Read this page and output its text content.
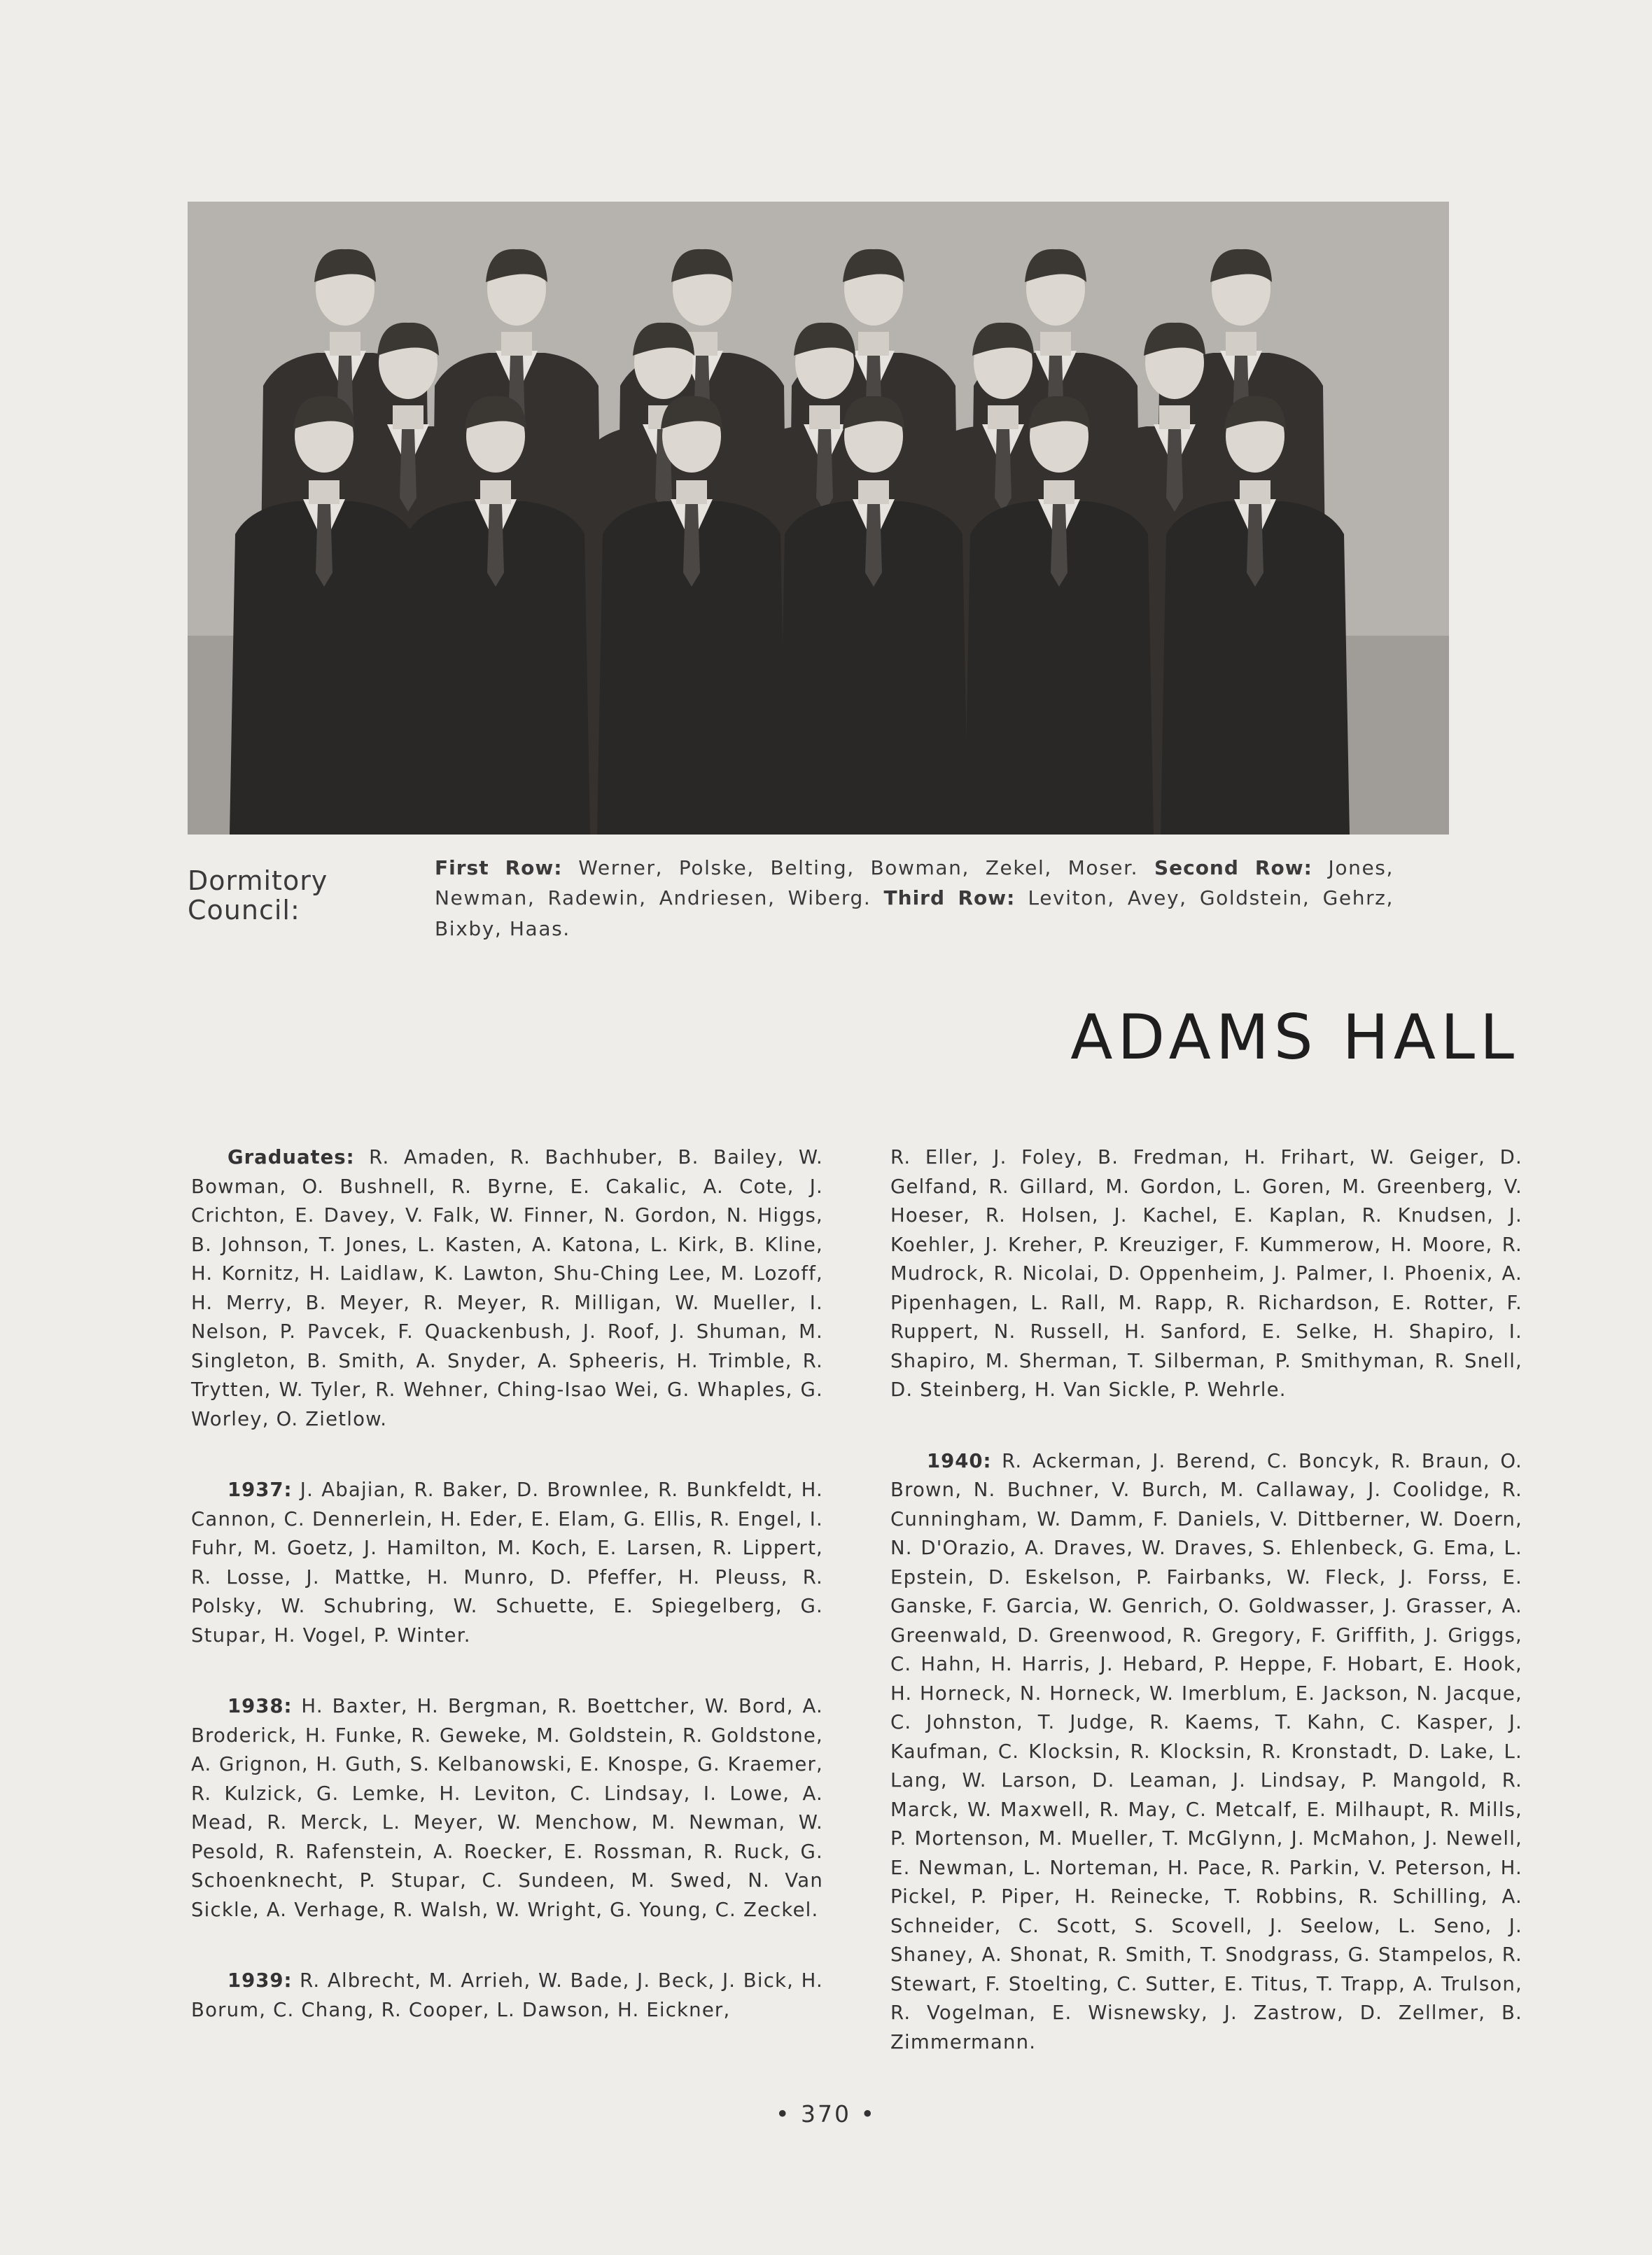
Dormitory Council:
First Row: Werner, Polske, Belting, Bowman, Zekel, Moser. Second Row: Jones, Newman, Radewin, Andriesen, Wiberg. Third Row: Leviton, Avey, Goldstein, Gehrz, Bixby, Haas.
ADAMS HALL

Graduates: R. Amaden, R. Bachhuber, B. Bailey, W. Bowman, O. Bushnell, R. Byrne, E. Cakalic, A. Cote, J. Crichton, E. Davey, V. Falk, W. Finner, N. Gordon, N. Higgs, B. Johnson, T. Jones, L. Kasten, A. Katona, L. Kirk, B. Kline, H. Kornitz, H. Laidlaw, K. Lawton, Shu-Ching Lee, M. Lozoff, H. Merry, B. Meyer, R. Meyer, R. Milligan, W. Mueller, I. Nelson, P. Pavcek, F. Quackenbush, J. Roof, J. Shuman, M. Singleton, B. Smith, A. Snyder, A. Spheeris, H. Trimble, R. Trytten, W. Tyler, R. Wehner, Ching-Isao Wei, G. Whaples, G. Worley, O. Zietlow.

1937: J. Abajian, R. Baker, D. Brownlee, R. Bunkfeldt, H. Cannon, C. Dennerlein, H. Eder, E. Elam, G. Ellis, R. Engel, I. Fuhr, M. Goetz, J. Hamilton, M. Koch, E. Larsen, R. Lippert, R. Losse, J. Mattke, H. Munro, D. Pfeffer, H. Pleuss, R. Polsky, W. Schubring, W. Schuette, E. Spiegelberg, G. Stupar, H. Vogel, P. Winter.

1938: H. Baxter, H. Bergman, R. Boettcher, W. Bord, A. Broderick, H. Funke, R. Geweke, M. Goldstein, R. Goldstone, A. Grignon, H. Guth, S. Kelbanowski, E. Knospe, G. Kraemer, R. Kulzick, G. Lemke, H. Leviton, C. Lindsay, I. Lowe, A. Mead, R. Merck, L. Meyer, W. Menchow, M. Newman, W. Pesold, R. Rafenstein, A. Roecker, E. Rossman, R. Ruck, G. Schoenknecht, P. Stupar, C. Sundeen, M. Swed, N. Van Sickle, A. Verhage, R. Walsh, W. Wright, G. Young, C. Zeckel.

1939: R. Albrecht, M. Arrieh, W. Bade, J. Beck, J. Bick, H. Borum, C. Chang, R. Cooper, L. Dawson, H. Eickner,

R. Eller, J. Foley, B. Fredman, H. Frihart, W. Geiger, D. Gelfand, R. Gillard, M. Gordon, L. Goren, M. Greenberg, V. Hoeser, R. Holsen, J. Kachel, E. Kaplan, R. Knudsen, J. Koehler, J. Kreher, P. Kreuziger, F. Kummerow, H. Moore, R. Mudrock, R. Nicolai, D. Oppenheim, J. Palmer, I. Phoenix, A. Pipenhagen, L. Rall, M. Rapp, R. Richardson, E. Rotter, F. Ruppert, N. Russell, H. Sanford, E. Selke, H. Shapiro, I. Shapiro, M. Sherman, T. Silberman, P. Smithyman, R. Snell, D. Steinberg, H. Van Sickle, P. Wehrle.

1940: R. Ackerman, J. Berend, C. Boncyk, R. Braun, O. Brown, N. Buchner, V. Burch, M. Callaway, J. Coolidge, R. Cunningham, W. Damm, F. Daniels, V. Dittberner, W. Doern, N. D'Orazio, A. Draves, W. Draves, S. Ehlenbeck, G. Ema, L. Epstein, D. Eskelson, P. Fairbanks, W. Fleck, J. Forss, E. Ganske, F. Garcia, W. Genrich, O. Goldwasser, J. Grasser, A. Greenwald, D. Greenwood, R. Gregory, F. Griffith, J. Griggs, C. Hahn, H. Harris, J. Hebard, P. Heppe, F. Hobart, E. Hook, H. Horneck, N. Horneck, W. Imerblum, E. Jackson, N. Jacque, C. Johnston, T. Judge, R. Kaems, T. Kahn, C. Kasper, J. Kaufman, C. Klocksin, R. Klocksin, R. Kronstadt, D. Lake, L. Lang, W. Larson, D. Leaman, J. Lindsay, P. Mangold, R. Marck, W. Maxwell, R. May, C. Metcalf, E. Milhaupt, R. Mills, P. Mortenson, M. Mueller, T. McGlynn, J. McMahon, J. Newell, E. Newman, L. Norteman, H. Pace, R. Parkin, V. Peterson, H. Pickel, P. Piper, H. Reinecke, T. Robbins, R. Schilling, A. Schneider, C. Scott, S. Scovell, J. Seelow, L. Seno, J. Shaney, A. Shonat, R. Smith, T. Snodgrass, G. Stampelos, R. Stewart, F. Stoelting, C. Sutter, E. Titus, T. Trapp, A. Trulson, R. Vogelman, E. Wisnewsky, J. Zastrow, D. Zellmer, B. Zimmermann.

• 370 •
